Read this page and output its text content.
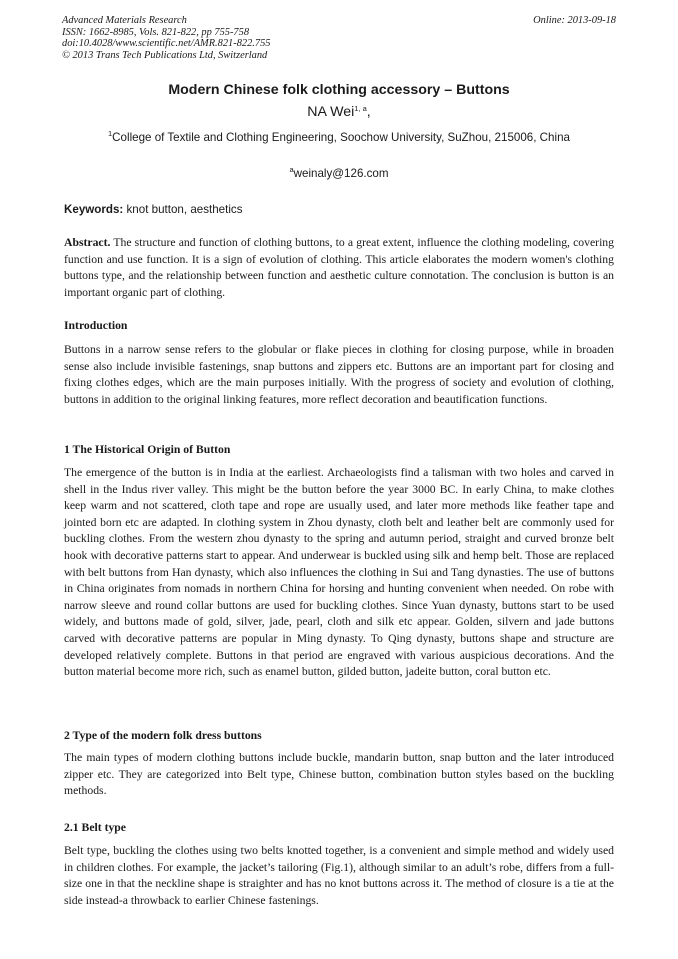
Advanced Materials Research
ISSN: 1662-8985, Vols. 821-822, pp 755-758
doi:10.4028/www.scientific.net/AMR.821-822.755
© 2013 Trans Tech Publications Ltd, Switzerland
Online: 2013-09-18
Modern Chinese folk clothing accessory – Buttons
NA Wei$^{1, a}$,
$^1$College of Textile and Clothing Engineering, Soochow University, SuZhou, 215006, China
$^a$weinaly@126.com
Keywords: knot button, aesthetics

Abstract. The structure and function of clothing buttons, to a great extent, influence the clothing modeling, covering function and use function. It is a sign of evolution of clothing. This article elaborates the modern women's clothing buttons type, and the relationship between function and aesthetic culture connotation. The conclusion is button is an important organic part of clothing.

Introduction

Buttons in a narrow sense refers to the globular or flake pieces in clothing for closing purpose, while in broaden sense also include invisible fastenings, snap buttons and zippers etc. Buttons are an important part for closing and fixing clothes edges, which are the main purposes initially. With the progress of society and evolution of clothing, buttons in addition to the original linking features, more reflect decoration and beautification functions.

1 The Historical Origin of Button

The emergence of the button is in India at the earliest. Archaeologists find a talisman with two holes and carved in shell in the Indus river valley. This might be the button before the year 3000 BC. In early China, to make clothes keep warm and not scattered, cloth tape and rope are usually used, and later more methods like feather tape and jointed born etc are adapted. In clothing system in Zhou dynasty, cloth belt and leather belt are commonly used for buckling clothes. From the western zhou dynasty to the spring and autumn period, straight and curved bronze belt hook with decorative patterns start to appear. And underwear is buckled using silk and hemp belt. Those are replaced with belt buttons from Han dynasty, which also influences the clothing in Sui and Tang dynasties. The use of buttons in China originates from nomads in northern China for horsing and hunting convenient when needed. On robe with narrow sleeve and round collar buttons are used for buckling clothes. Since Yuan dynasty, buttons start to be used widely, and buttons made of gold, silver, jade, pearl, cloth and silk etc appear. Golden, silvern and jade buttons carved with decorative patterns are popular in Ming dynasty. To Qing dynasty, buttons shape and structure are developed relatively complete. Buttons in that period are engraved with various auspicious decorations. And the button material become more rich, such as enamel button, gilded button, jadeite button, coral button etc.

2 Type of the modern folk dress buttons

The main types of modern clothing buttons include buckle, mandarin button, snap button and the later introduced zipper etc. They are categorized into Belt type, Chinese button, combination button styles based on the buckling methods.

2.1 Belt type

Belt type, buckling the clothes using two belts knotted together, is a convenient and simple method and widely used in children clothes. For example, the jacket’s tailoring (Fig.1), although similar to an adult’s robe, differs from a full-size one in that the neckline shape is straighter and has no knot buttons across it. The method of closure is a tie at the side instead-a throwback to earlier Chinese fastenings.
